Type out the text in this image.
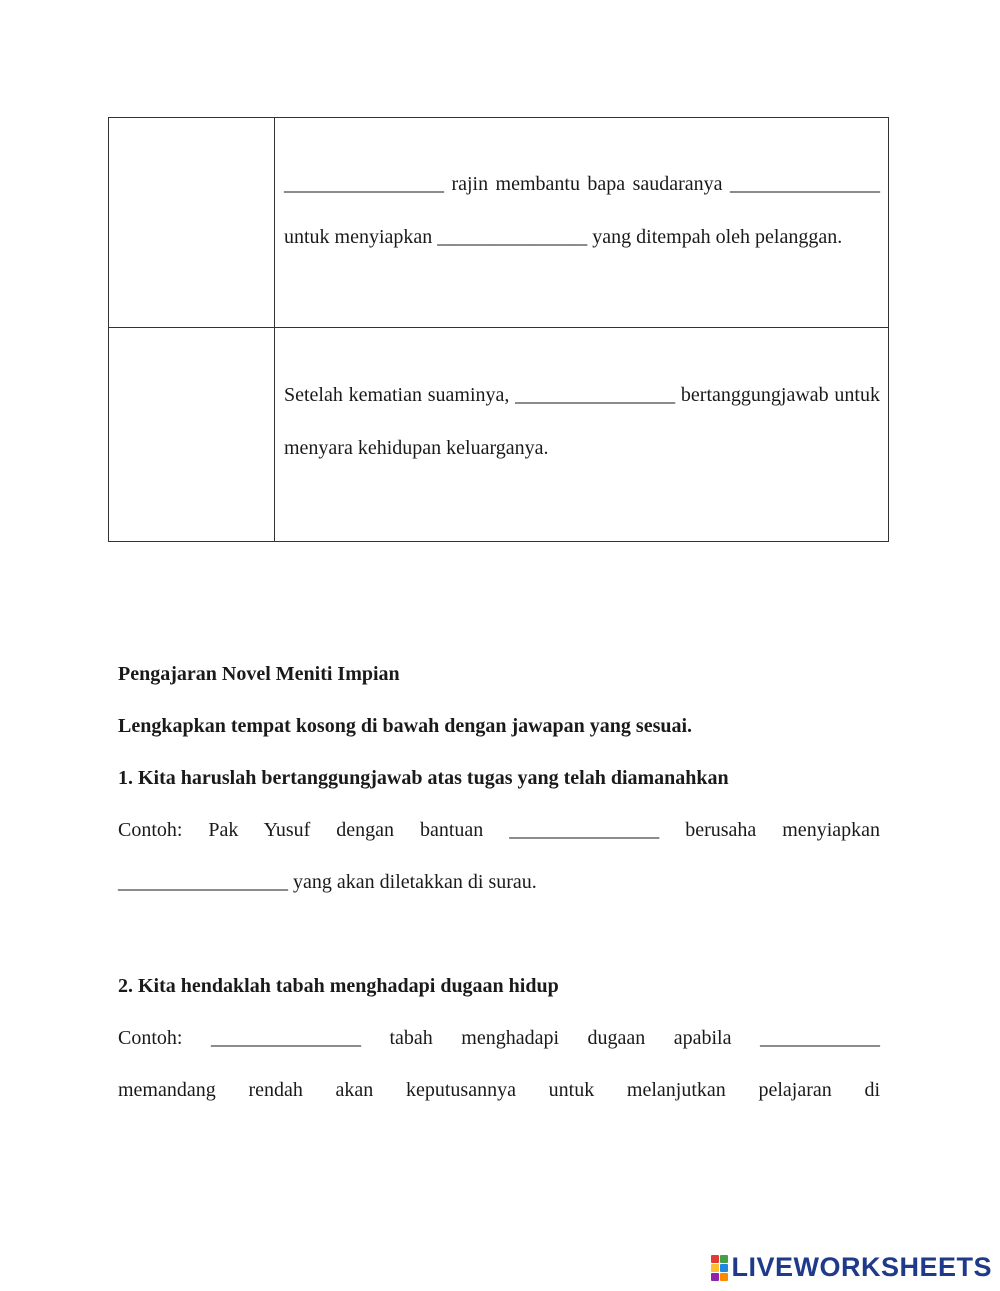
	________________ rajin membantu bapa saudaranya _______________ untuk menyiapkan _______________ yang ditempah oleh pelanggan.

	Setelah kematian suaminya, ________________ bertanggungjawab untuk menyara kehidupan keluarganya.

Pengajaran Novel Meniti Impian

Lengkapkan tempat kosong di bawah dengan jawapan yang sesuai.

1. Kita haruslah bertanggungjawab atas tugas yang telah diamanahkan

Contoh: Pak Yusuf dengan bantuan _______________ berusaha menyiapkan

_________________ yang akan diletakkan di surau.

2. Kita hendaklah tabah menghadapi dugaan hidup

Contoh: _______________ tabah menghadapi dugaan apabila ____________

memandang rendah akan keputusannya untuk melanjutkan pelajaran di

LIVEWORKSHEETS
